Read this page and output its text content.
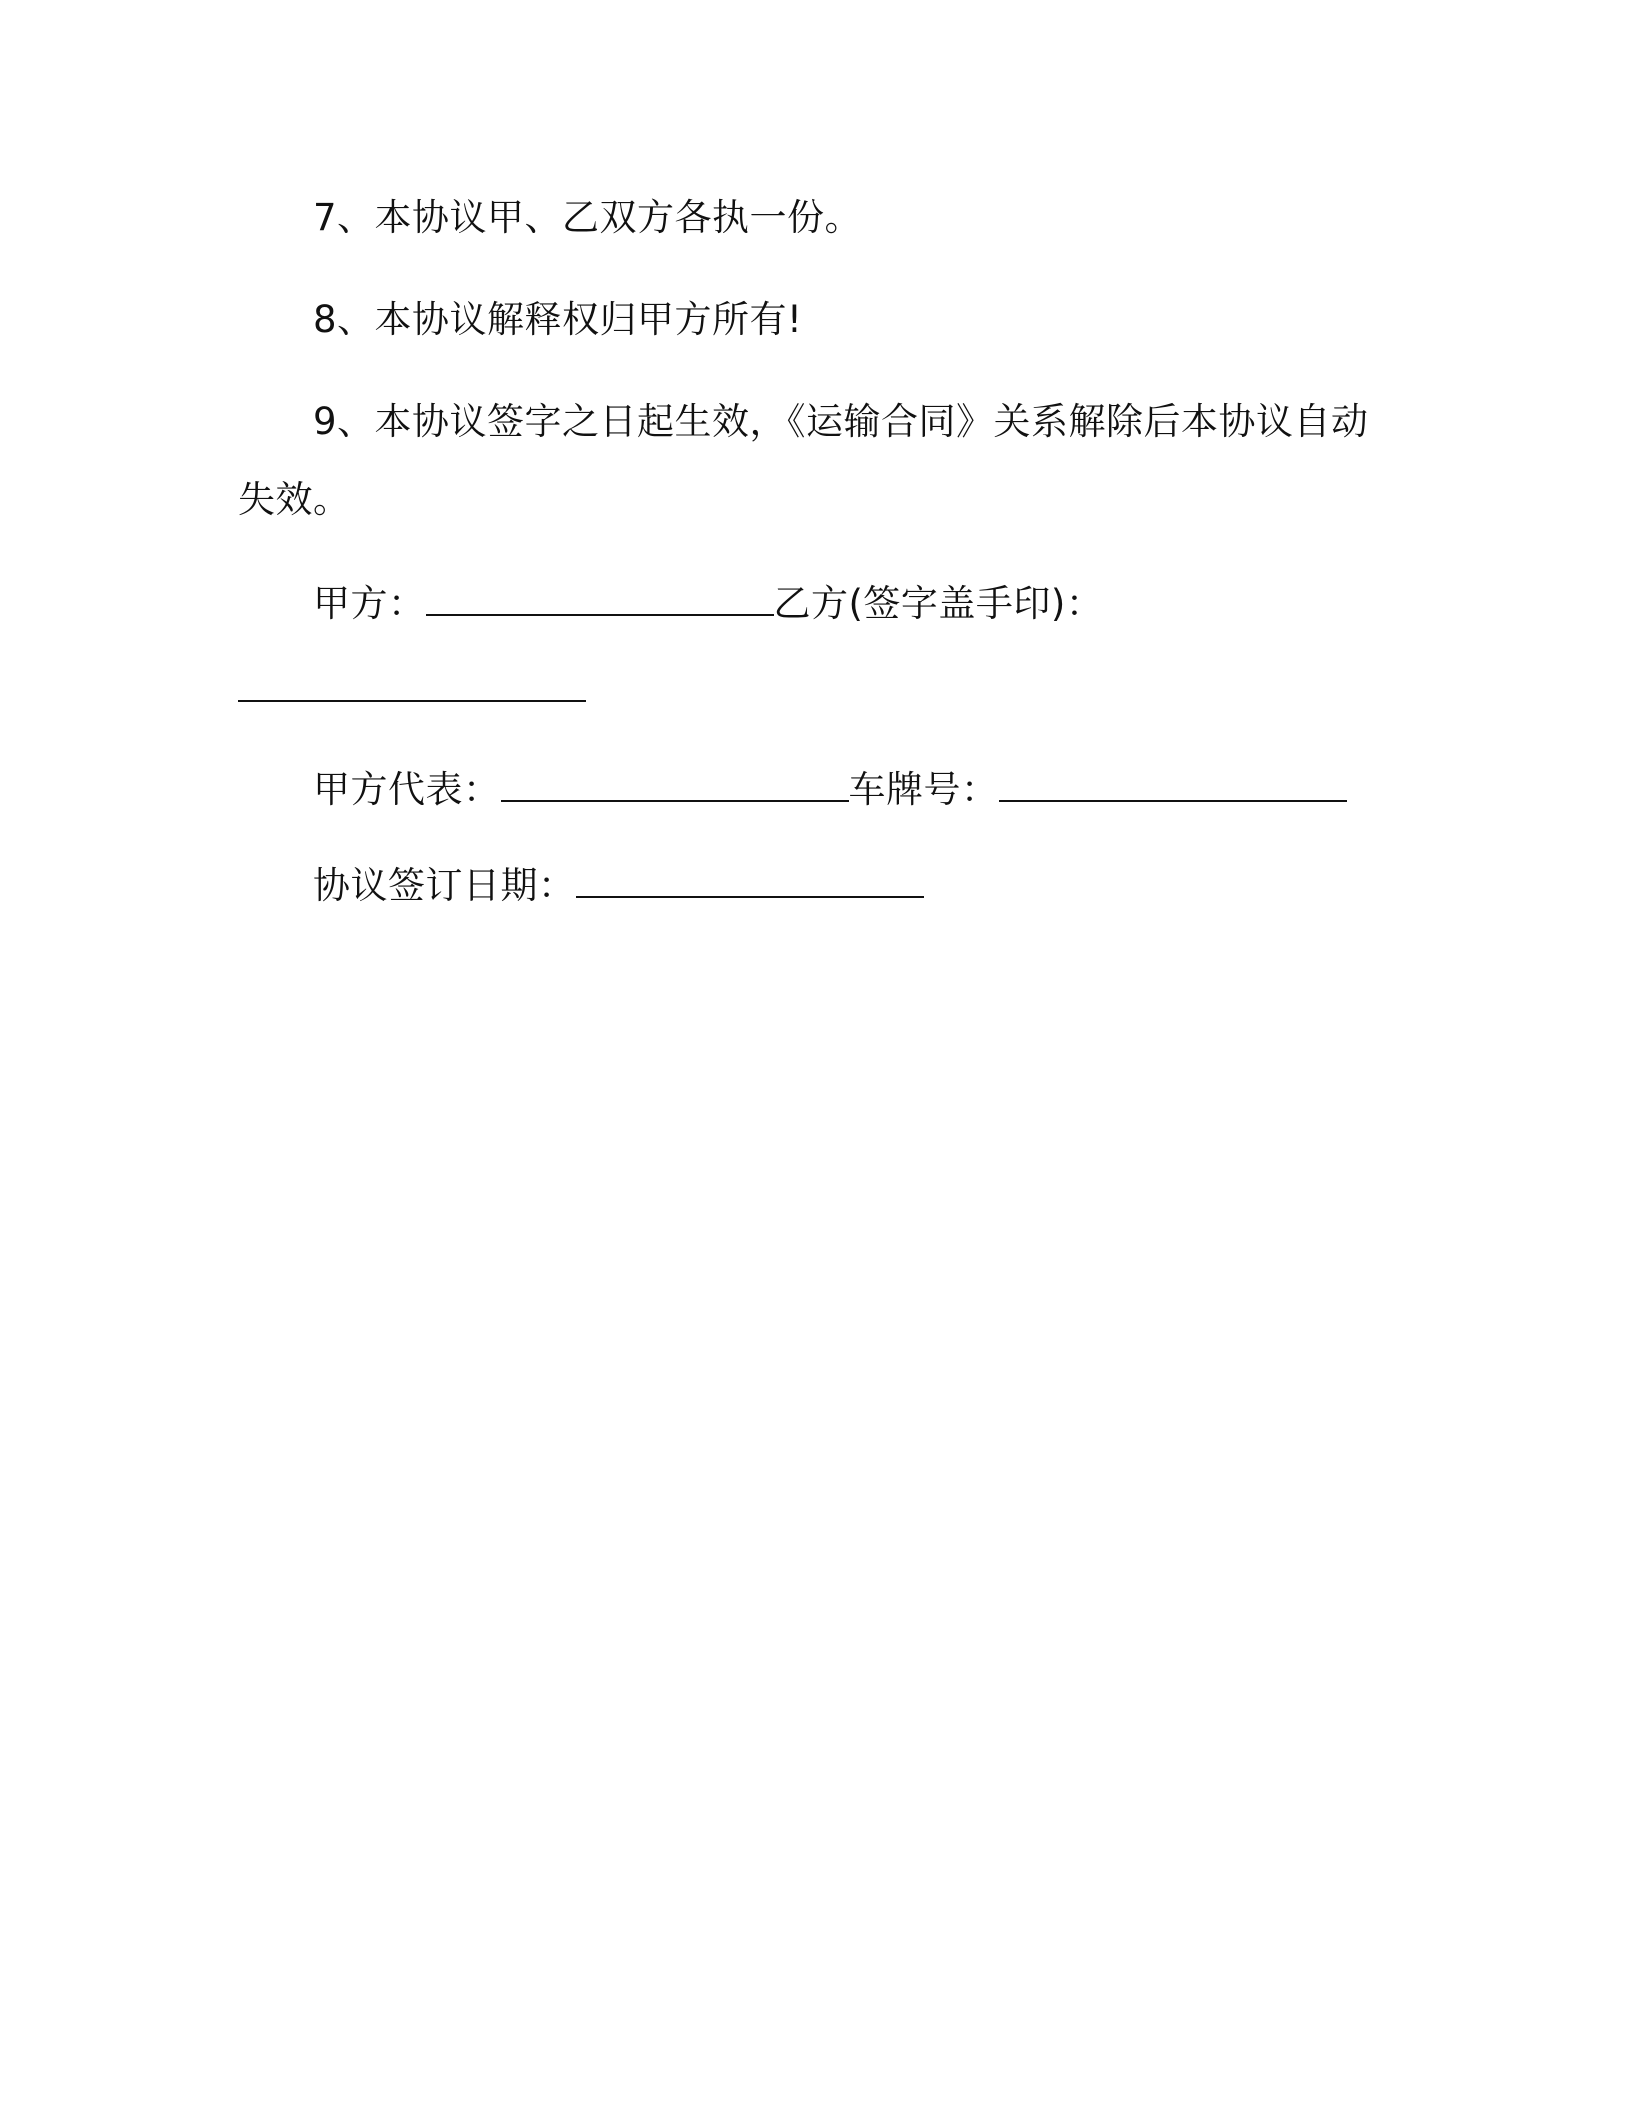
7、本协议甲、乙双方各执一份。
8、本协议解释权归甲方所有!
9、本协议签字之日起生效，《运输合同》关系解除后本协议自动
失效。
甲方：	乙方(签字盖手印)：
甲方代表：	车牌号：
协议签订日期：
